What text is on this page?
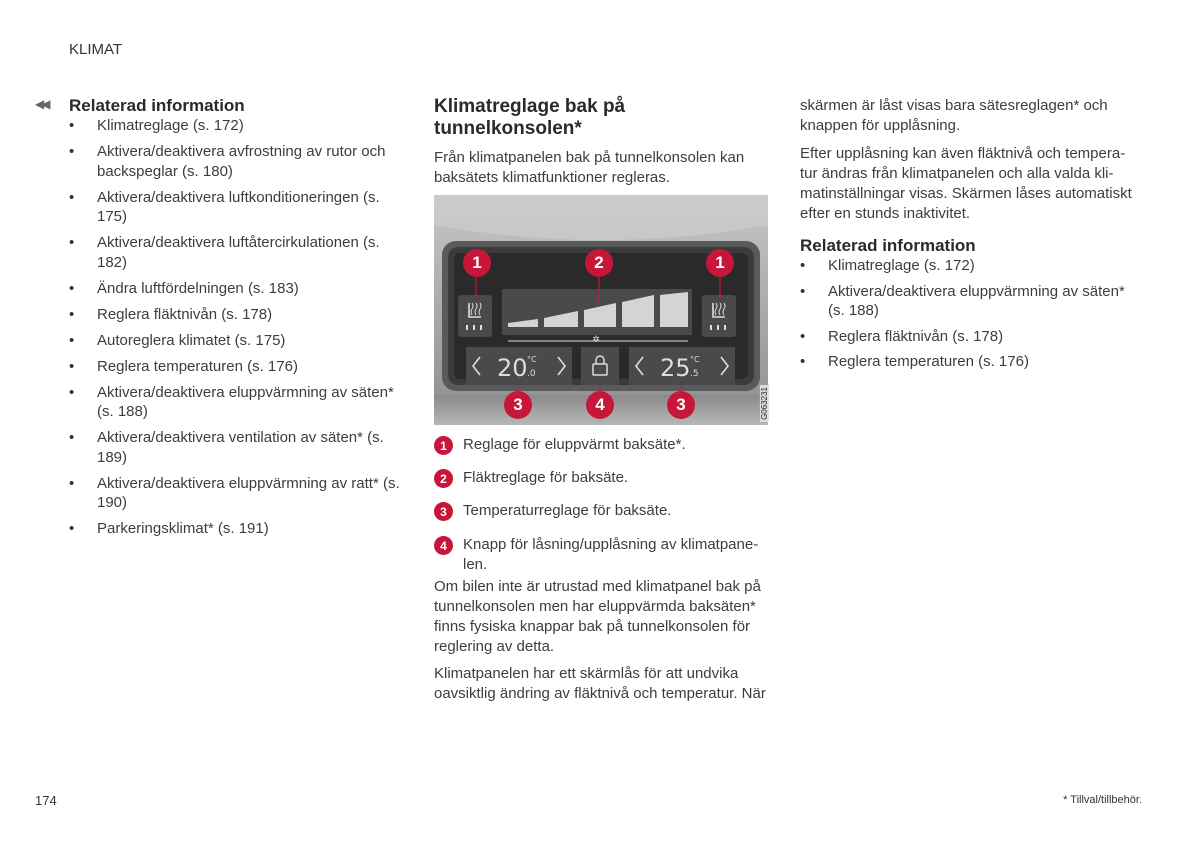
KLIMAT
◀◀ Relaterad information
• Klimatreglage (s. 172)
• Aktivera/deaktivera avfrostning av rutor och backspeglar (s. 180)
• Aktivera/deaktivera luftkonditioneringen (s. 175)
• Aktivera/deaktivera luftåtercirkulationen (s. 182)
• Ändra luftfördelningen (s. 183)
• Reglera fläktnivån (s. 178)
• Autoreglera klimatet (s. 175)
• Reglera temperaturen (s. 176)
• Aktivera/deaktivera eluppvärmning av säten* (s. 188)
• Aktivera/deaktivera ventilation av säten* (s. 189)
• Aktivera/deaktivera eluppvärmning av ratt* (s. 190)
• Parkeringsklimat* (s. 191)
Klimatreglage bak på
tunnelkonsolen*

Från klimatpanelen bak på tunnelkonsolen kan baksätets klimatfunktioner regleras.

✲
20 °C
.0	25 °C
.5
1	2	1
3	4	3	G063231
1	Reglage för eluppvärmt baksäte*.
2	Fläktreglage för baksäte.
3	Temperaturreglage för baksäte.
4	Knapp för låsning/upplåsning av klimatpane-len.

Om bilen inte är utrustad med klimatpanel bak på tunnelkonsolen men har eluppvärmda baksäten* finns fysiska knappar bak på tunnelkonsolen för reglering av detta.

Klimatpanelen har ett skärmlås för att undvika oavsiktlig ändring av fläktnivå och temperatur. När

skärmen är låst visas bara sätesreglagen* och knappen för upplåsning.

Efter upplåsning kan även fläktnivå och tempera-tur ändras från klimatpanelen och alla valda kli-matinställningar visas. Skärmen låses automatiskt efter en stunds inaktivitet.

Relaterad information
• Klimatreglage (s. 172)
• Aktivera/deaktivera eluppvärmning av säten* (s. 188)
• Reglera fläktnivån (s. 178)
• Reglera temperaturen (s. 176)
174	* Tillval/tillbehör.
